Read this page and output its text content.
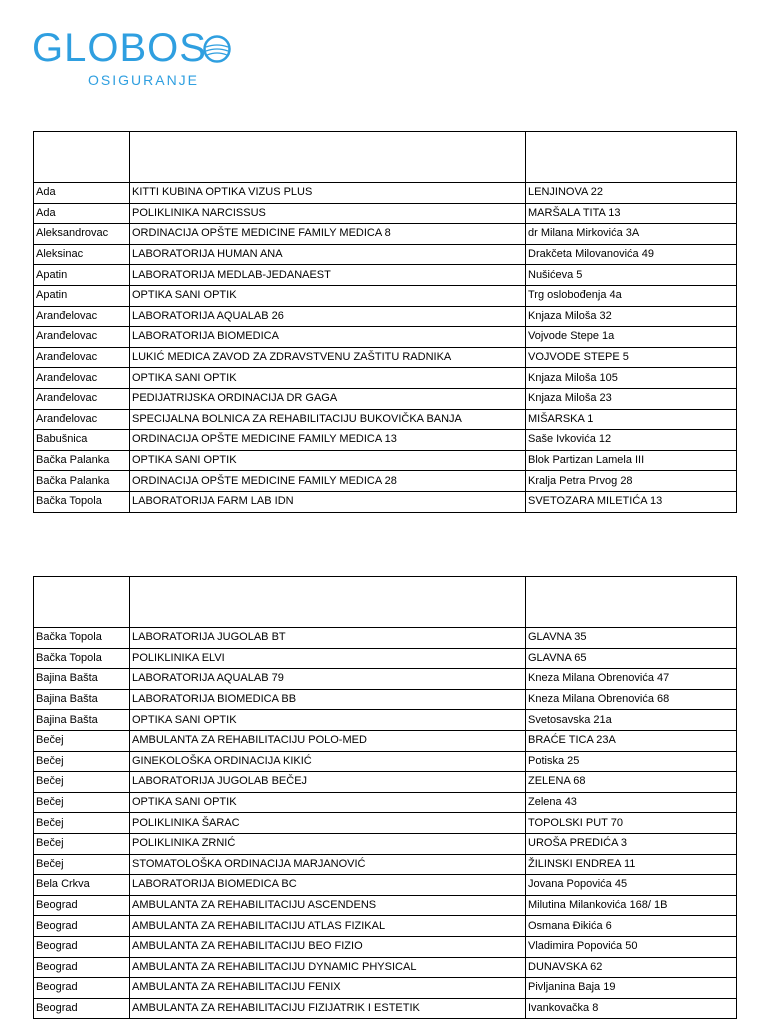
GLOBOS
OSIGURANJE

Ada	KITTI KUBINA OPTIKA VIZUS PLUS	LENJINOVA 22
Ada	POLIKLINIKA NARCISSUS	MARŠALA TITA 13
Aleksandrovac	ORDINACIJA OPŠTE MEDICINE FAMILY MEDICA 8	dr Milana Mirkovića 3A
Aleksinac	LABORATORIJA HUMAN ANA	Drakčeta Milovanovića 49
Apatin	LABORATORIJA MEDLAB-JEDANAEST	Nušićeva 5
Apatin	OPTIKA SANI OPTIK	Trg oslobođenja 4a
Aranđelovac	LABORATORIJA AQUALAB 26	Knjaza Miloša 32
Aranđelovac	LABORATORIJA BIOMEDICA	Vojvode Stepe 1a
Aranđelovac	LUKIĆ MEDICA ZAVOD ZA ZDRAVSTVENU ZAŠTITU RADNIKA	VOJVODE STEPE 5
Aranđelovac	OPTIKA SANI OPTIK	Knjaza Miloša 105
Aranđelovac	PEDIJATRIJSKA ORDINACIJA DR GAGA	Knjaza Miloša 23
Aranđelovac	SPECIJALNA BOLNICA ZA REHABILITACIJU BUKOVIČKA BANJA	MIŠARSKA 1
Babušnica	ORDINACIJA OPŠTE MEDICINE FAMILY MEDICA 13	Saše Ivkovića 12
Bačka Palanka	OPTIKA SANI OPTIK	Blok Partizan Lamela III
Bačka Palanka	ORDINACIJA OPŠTE MEDICINE FAMILY MEDICA 28	Kralja Petra Prvog 28
Bačka Topola	LABORATORIJA FARM LAB IDN	SVETOZARA MILETIĆA 13

Bačka Topola	LABORATORIJA JUGOLAB BT	GLAVNA 35
Bačka Topola	POLIKLINIKA ELVI	GLAVNA 65
Bajina Bašta	LABORATORIJA AQUALAB 79	Kneza Milana Obrenovića 47
Bajina Bašta	LABORATORIJA BIOMEDICA BB	Kneza Milana Obrenovića 68
Bajina Bašta	OPTIKA SANI OPTIK	Svetosavska 21a
Bečej	AMBULANTA ZA REHABILITACIJU POLO-MED	BRAĆE TICA 23A
Bečej	GINEKOLOŠKA ORDINACIJA KIKIĆ	Potiska 25
Bečej	LABORATORIJA JUGOLAB BEČEJ	ZELENA 68
Bečej	OPTIKA SANI OPTIK	Zelena 43
Bečej	POLIKLINIKA ŠARAC	TOPOLSKI PUT 70
Bečej	POLIKLINIKA ZRNIĆ	UROŠA PREDIĆA 3
Bečej	STOMATOLOŠKA ORDINACIJA MARJANOVIĆ	ŽILINSKI ENDREA 11
Bela Crkva	LABORATORIJA BIOMEDICA BC	Jovana Popovića 45
Beograd	AMBULANTA ZA REHABILITACIJU ASCENDENS	Milutina Milankovića 168/ 1B
Beograd	AMBULANTA ZA REHABILITACIJU ATLAS FIZIKAL	Osmana Đikića 6
Beograd	AMBULANTA ZA REHABILITACIJU BEO FIZIO	Vladimira Popovića 50
Beograd	AMBULANTA ZA REHABILITACIJU DYNAMIC PHYSICAL	DUNAVSKA 62
Beograd	AMBULANTA ZA REHABILITACIJU FENIX	Pivljanina Baja 19
Beograd	AMBULANTA ZA REHABILITACIJU FIZIJATRIK I ESTETIK	Ivankovačka 8
